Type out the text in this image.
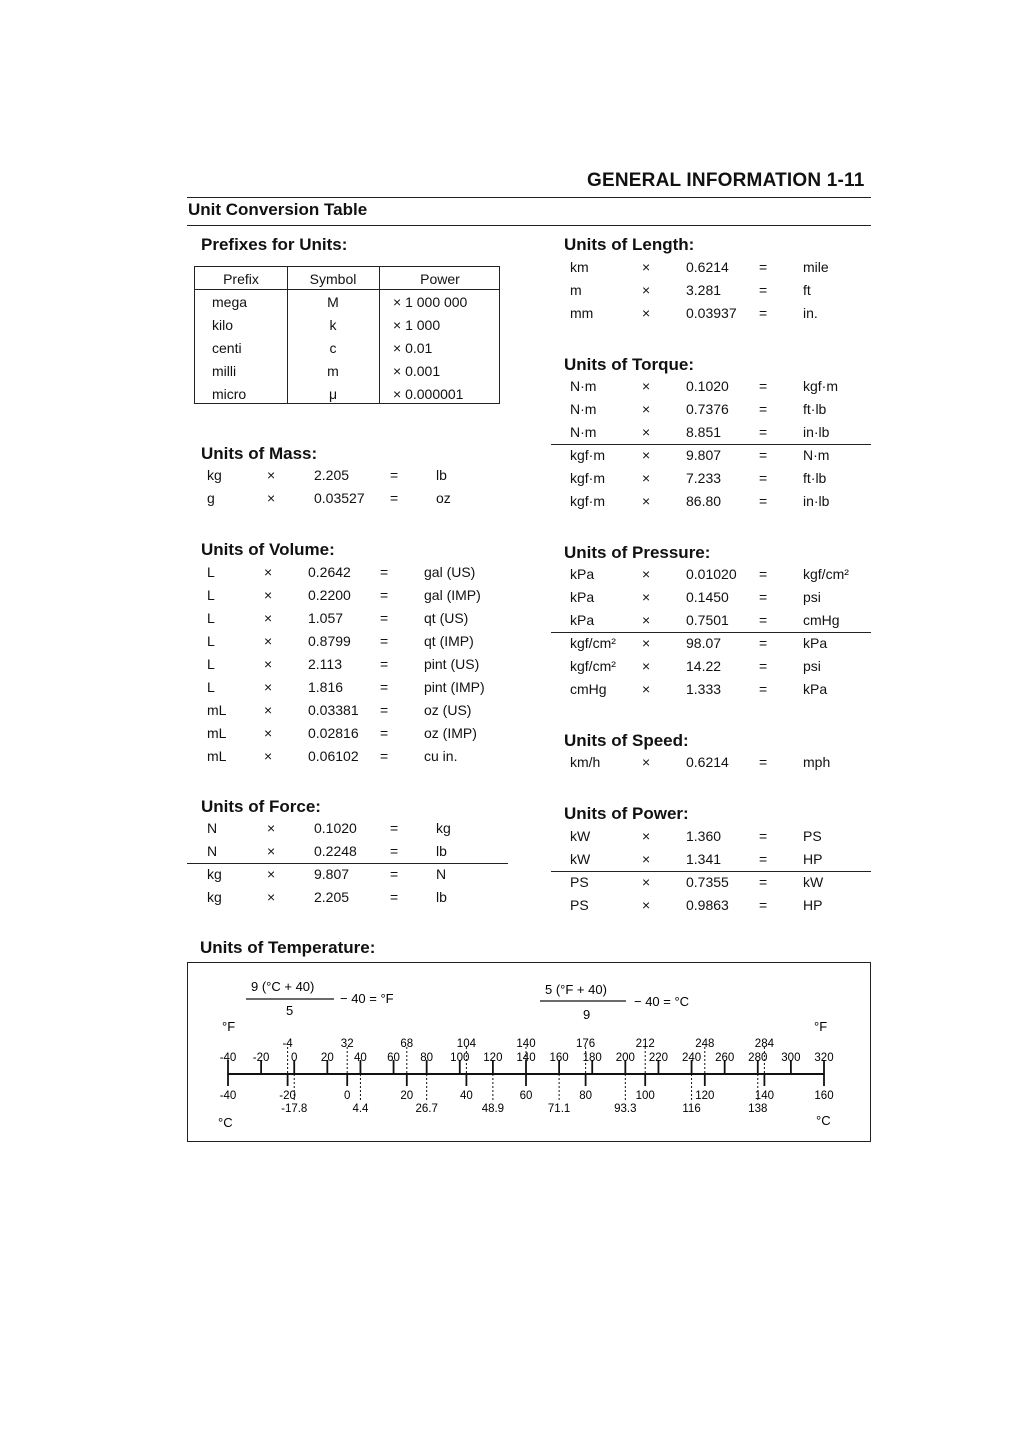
GENERAL INFORMATION 1-11
Unit Conversion Table
Prefixes for Units:
Units of Mass:
Units of Volume:
Units of Force:
Units of Length:
Units of Torque:
Units of Pressure:
Units of Speed:
Units of Power:
Units of Temperature:
Prefix	Symbol	Power
mega	M	× 1 000 000
kilo	k	× 1 000
centi	c	× 0.01
milli	m	× 0.001
micro	μ	× 0.000001
kg	×	2.205	=	lb
g	×	0.03527 =	oz
L	×	0.2642 =	gal (US)
L	×	0.2200 =	gal (IMP)
L	×	1.057	=	qt (US)
L	×	0.8799 =	qt (IMP)
L	×	2.113	=	pint (US)
L	×	1.816	=	pint (IMP)
mL	×	0.03381 =	oz (US)
mL	×	0.02816 =	oz (IMP)
mL	×	0.06102 =	cu in.
N	×	0.1020 =	kg
N	×	0.2248 =	lb
kg	×	9.807	=	N
kg	×	2.205	=	lb
km	×	0.6214 =	mile
m	×	3.281	=	ft
mm	×	0.03937 =	in.
N·m	×	0.1020 =	kgf·m
N·m	×	0.7376 =	ft·lb
N·m	×	8.851	=	in·lb
kgf·m	×	9.807	=	N·m
kgf·m	×	7.233	=	ft·lb
kgf·m	×	86.80	=	in·lb
kPa	×	0.01020 =	kgf/cm²
kPa	×	0.1450 =	psi
kPa	×	0.7501 =	cmHg
kgf/cm² ×	98.07	=	kPa
kgf/cm² ×	14.22	=	psi
cmHg	×	1.333	=	kPa
km/h	×	0.6214 =	mph
kW	×	1.360	=	PS
kW	×	1.341	=	HP
PS	×	0.7355 =	kW
PS	×	0.9863 =	HP
9 (°C + 40)
5
− 40 = °F
5 (°F + 40)
9
− 40 = °C
°F	°F
°C	°C
-40 -20 0 20 40 60 80 100 120 140 160 180 200 220 240 260 280 300 320
-40	-20	0	20	40	60	80	100	120	140	160
-4	32	68	104	140	176	212	248	284
-17.8	4.4	26.7	48.9	71.1	93.3	116	138
